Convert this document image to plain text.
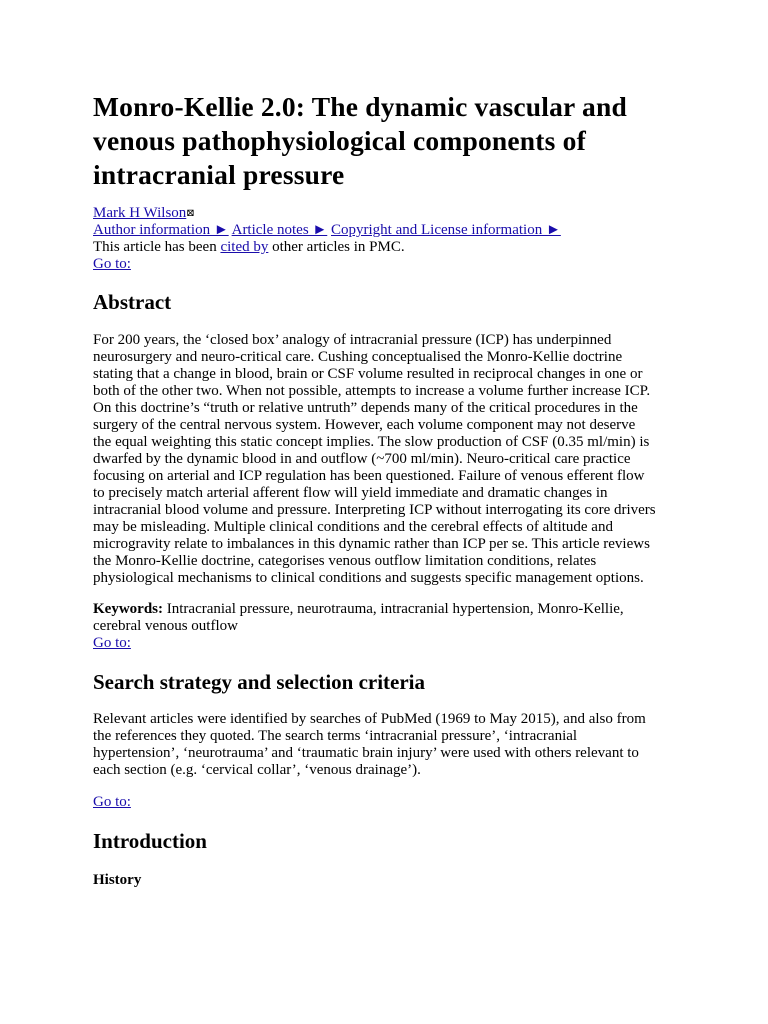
Monro-Kellie 2.0: The dynamic vascular and venous pathophysiological components of intracranial pressure
Mark H Wilson⊠
Author information ► Article notes ► Copyright and License information ►
This article has been cited by other articles in PMC.
Go to:
Abstract
For 200 years, the ‘closed box’ analogy of intracranial pressure (ICP) has underpinned
neurosurgery and neuro-critical care. Cushing conceptualised the Monro-Kellie doctrine
stating that a change in blood, brain or CSF volume resulted in reciprocal changes in one or
both of the other two. When not possible, attempts to increase a volume further increase ICP.
On this doctrine’s “truth or relative untruth” depends many of the critical procedures in the
surgery of the central nervous system. However, each volume component may not deserve
the equal weighting this static concept implies. The slow production of CSF (0.35 ml/min) is
dwarfed by the dynamic blood in and outflow (~700 ml/min). Neuro-critical care practice
focusing on arterial and ICP regulation has been questioned. Failure of venous efferent flow
to precisely match arterial afferent flow will yield immediate and dramatic changes in
intracranial blood volume and pressure. Interpreting ICP without interrogating its core drivers
may be misleading. Multiple clinical conditions and the cerebral effects of altitude and
microgravity relate to imbalances in this dynamic rather than ICP per se. This article reviews
the Monro-Kellie doctrine, categorises venous outflow limitation conditions, relates
physiological mechanisms to clinical conditions and suggests specific management options.
Keywords: Intracranial pressure, neurotrauma, intracranial hypertension, Monro-Kellie,
cerebral venous outflow
Go to:
Search strategy and selection criteria
Relevant articles were identified by searches of PubMed (1969 to May 2015), and also from
the references they quoted. The search terms ‘intracranial pressure’, ‘intracranial
hypertension’, ‘neurotrauma’ and ‘traumatic brain injury’ were used with others relevant to
each section (e.g. ‘cervical collar’, ‘venous drainage’).
Go to:
Introduction
History
